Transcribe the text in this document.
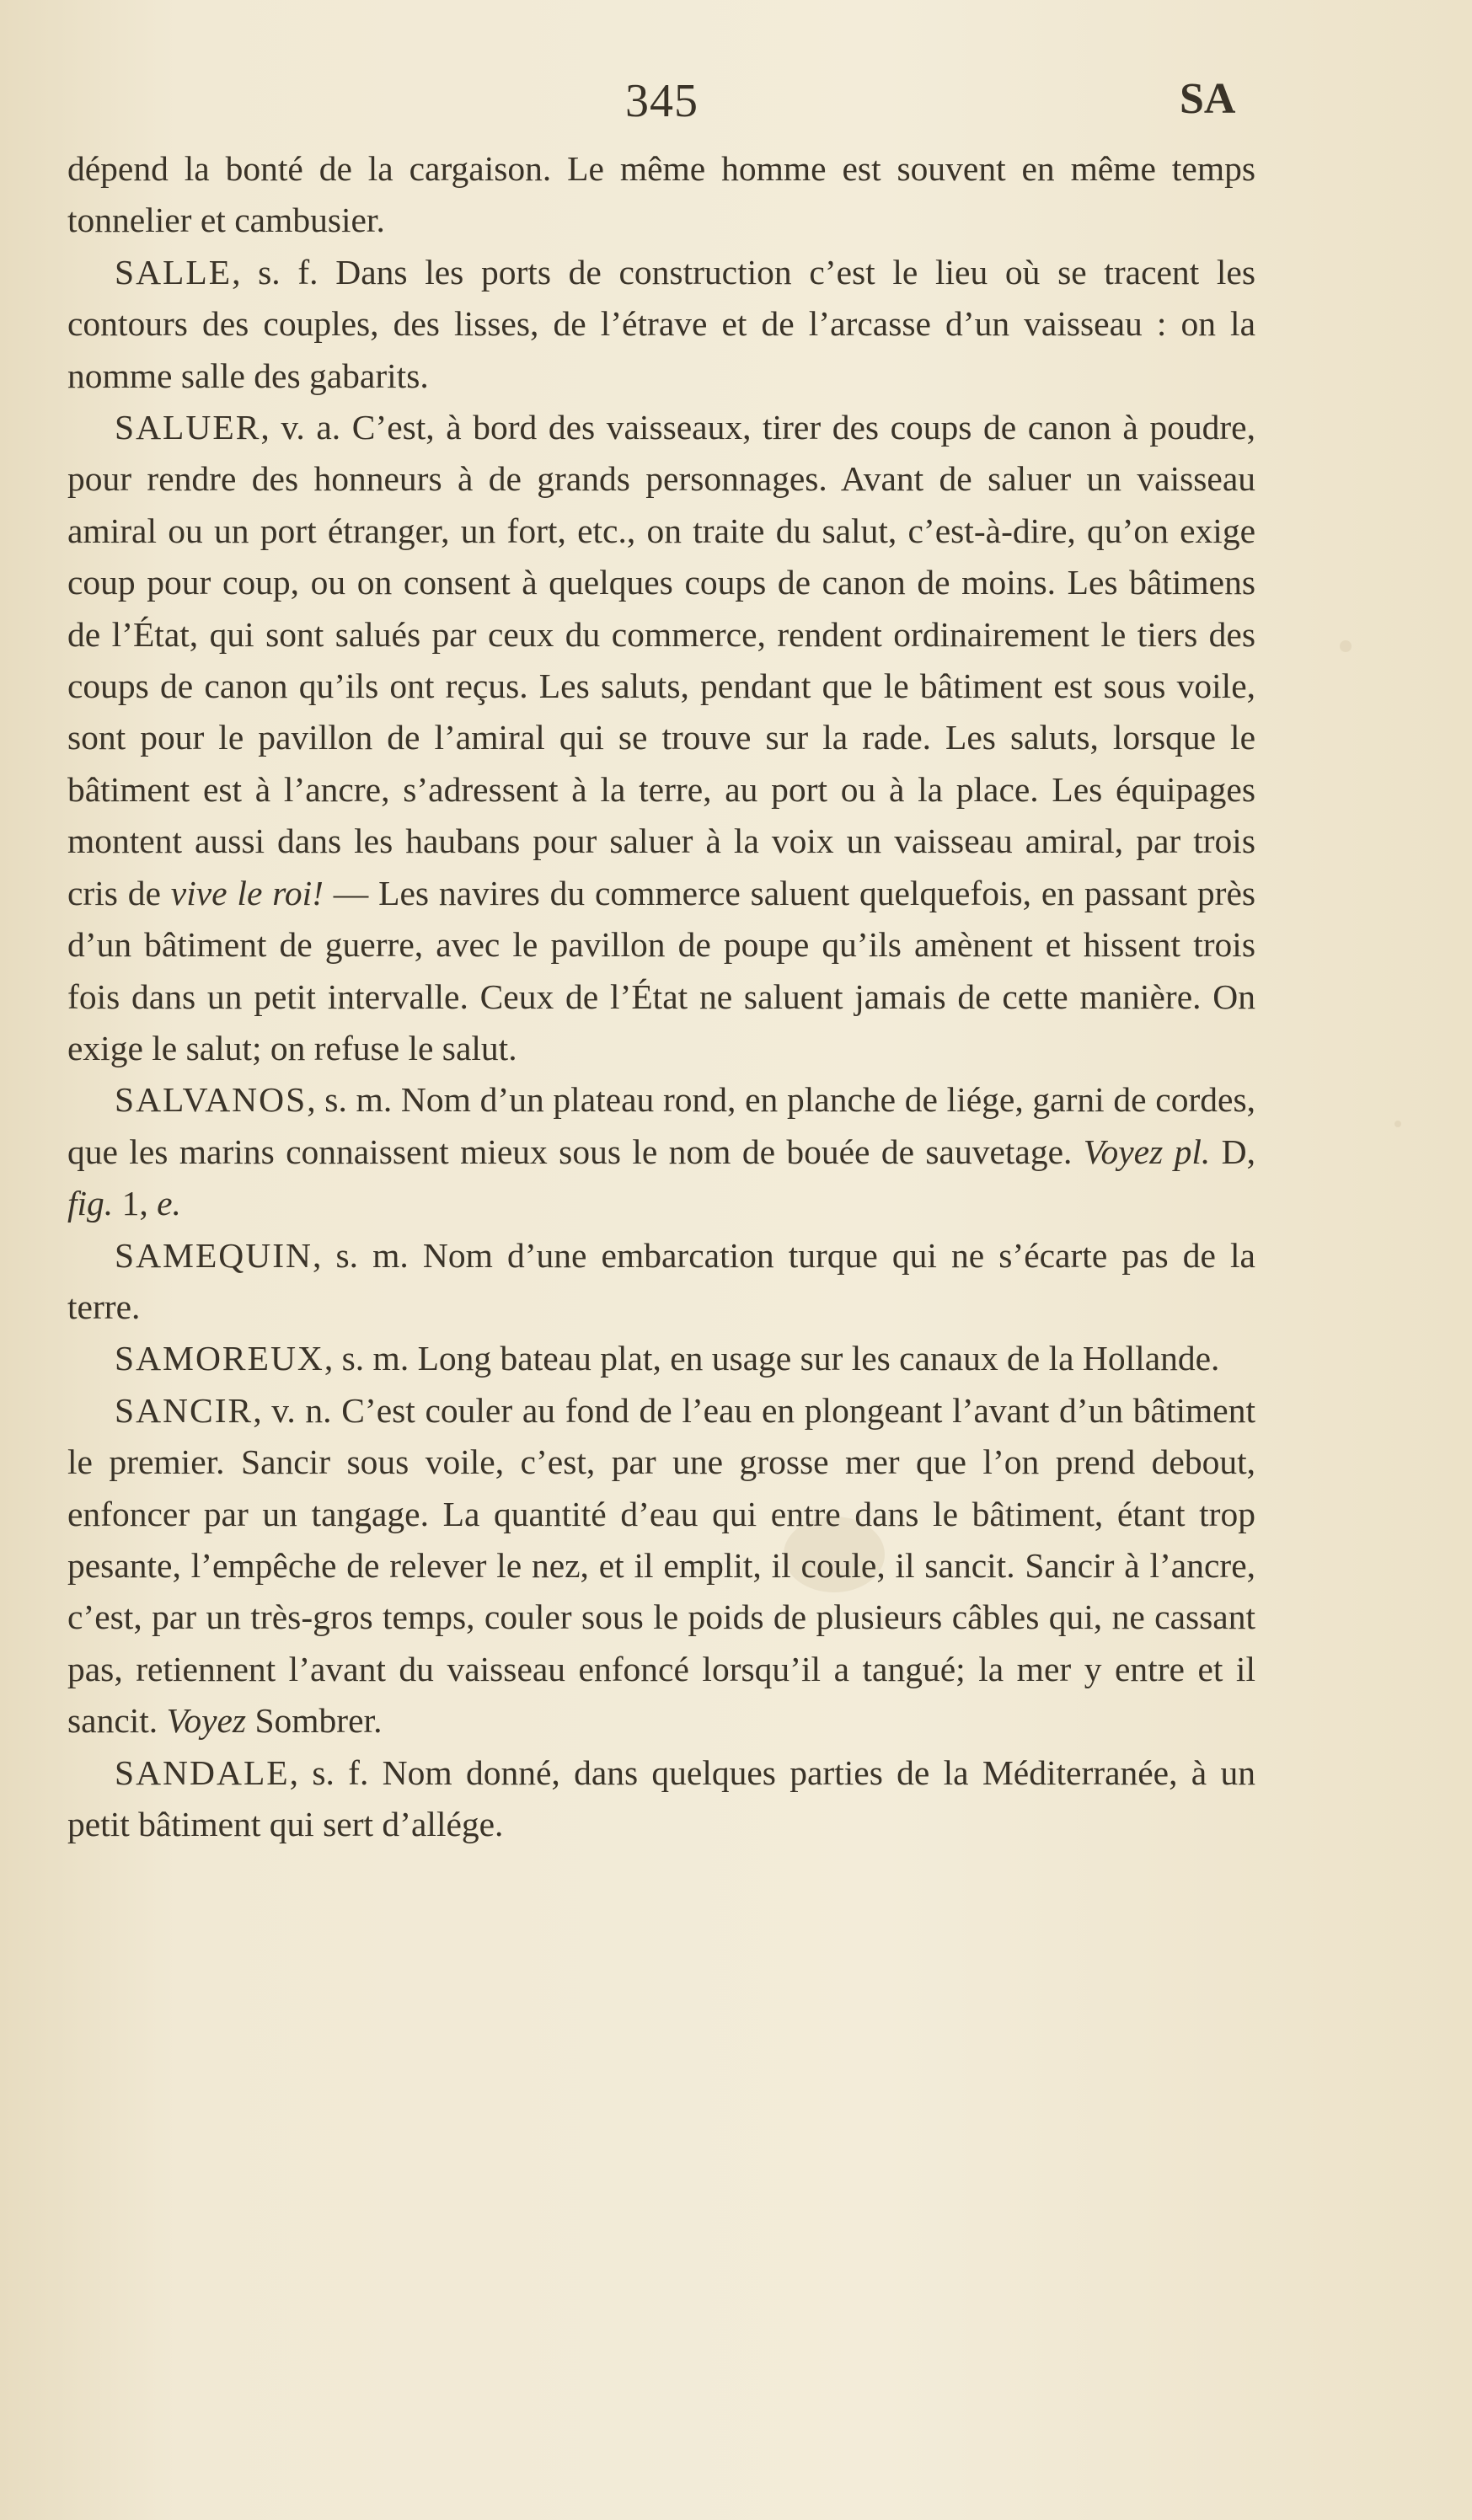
345	SA

dépend la bonté de la cargaison. Le même homme est souvent en même temps tonnelier et cambusier.

SALLE, s. f. Dans les ports de construction c’est le lieu où se tracent les contours des couples, des lisses, de l’étrave et de l’arcasse d’un vaisseau : on la nomme salle des gabarits.

SALUER, v. a. C’est, à bord des vaisseaux, tirer des coups de canon à poudre, pour rendre des honneurs à de grands personnages. Avant de saluer un vaisseau amiral ou un port étranger, un fort, etc., on traite du salut, c’est-à-dire, qu’on exige coup pour coup, ou on consent à quelques coups de canon de moins. Les bâtimens de l’État, qui sont salués par ceux du commerce, rendent ordinairement le tiers des coups de canon qu’ils ont reçus. Les saluts, pendant que le bâtiment est sous voile, sont pour le pavillon de l’amiral qui se trouve sur la rade. Les saluts, lorsque le bâtiment est à l’ancre, s’adressent à la terre, au port ou à la place. Les équipages montent aussi dans les haubans pour saluer à la voix un vaisseau amiral, par trois cris de vive le roi! — Les navires du commerce saluent quelquefois, en passant près d’un bâtiment de guerre, avec le pavillon de poupe qu’ils amènent et hissent trois fois dans un petit intervalle. Ceux de l’État ne saluent jamais de cette manière. On exige le salut; on refuse le salut.

SALVANOS, s. m. Nom d’un plateau rond, en planche de liége, garni de cordes, que les marins connaissent mieux sous le nom de bouée de sauvetage. Voyez pl. D, fig. 1, e.

SAMEQUIN, s. m. Nom d’une embarcation turque qui ne s’écarte pas de la terre.

SAMOREUX, s. m. Long bateau plat, en usage sur les canaux de la Hollande.

SANCIR, v. n. C’est couler au fond de l’eau en plongeant l’avant d’un bâtiment le premier. Sancir sous voile, c’est, par une grosse mer que l’on prend debout, enfoncer par un tangage. La quantité d’eau qui entre dans le bâtiment, étant trop pesante, l’empêche de relever le nez, et il emplit, il coule, il sancit. Sancir à l’ancre, c’est, par un très-gros temps, couler sous le poids de plusieurs câbles qui, ne cassant pas, retiennent l’avant du vaisseau enfoncé lorsqu’il a tangué; la mer y entre et il sancit. Voyez Sombrer.

SANDALE, s. f. Nom donné, dans quelques parties de la Méditerranée, à un petit bâtiment qui sert d’allége.
